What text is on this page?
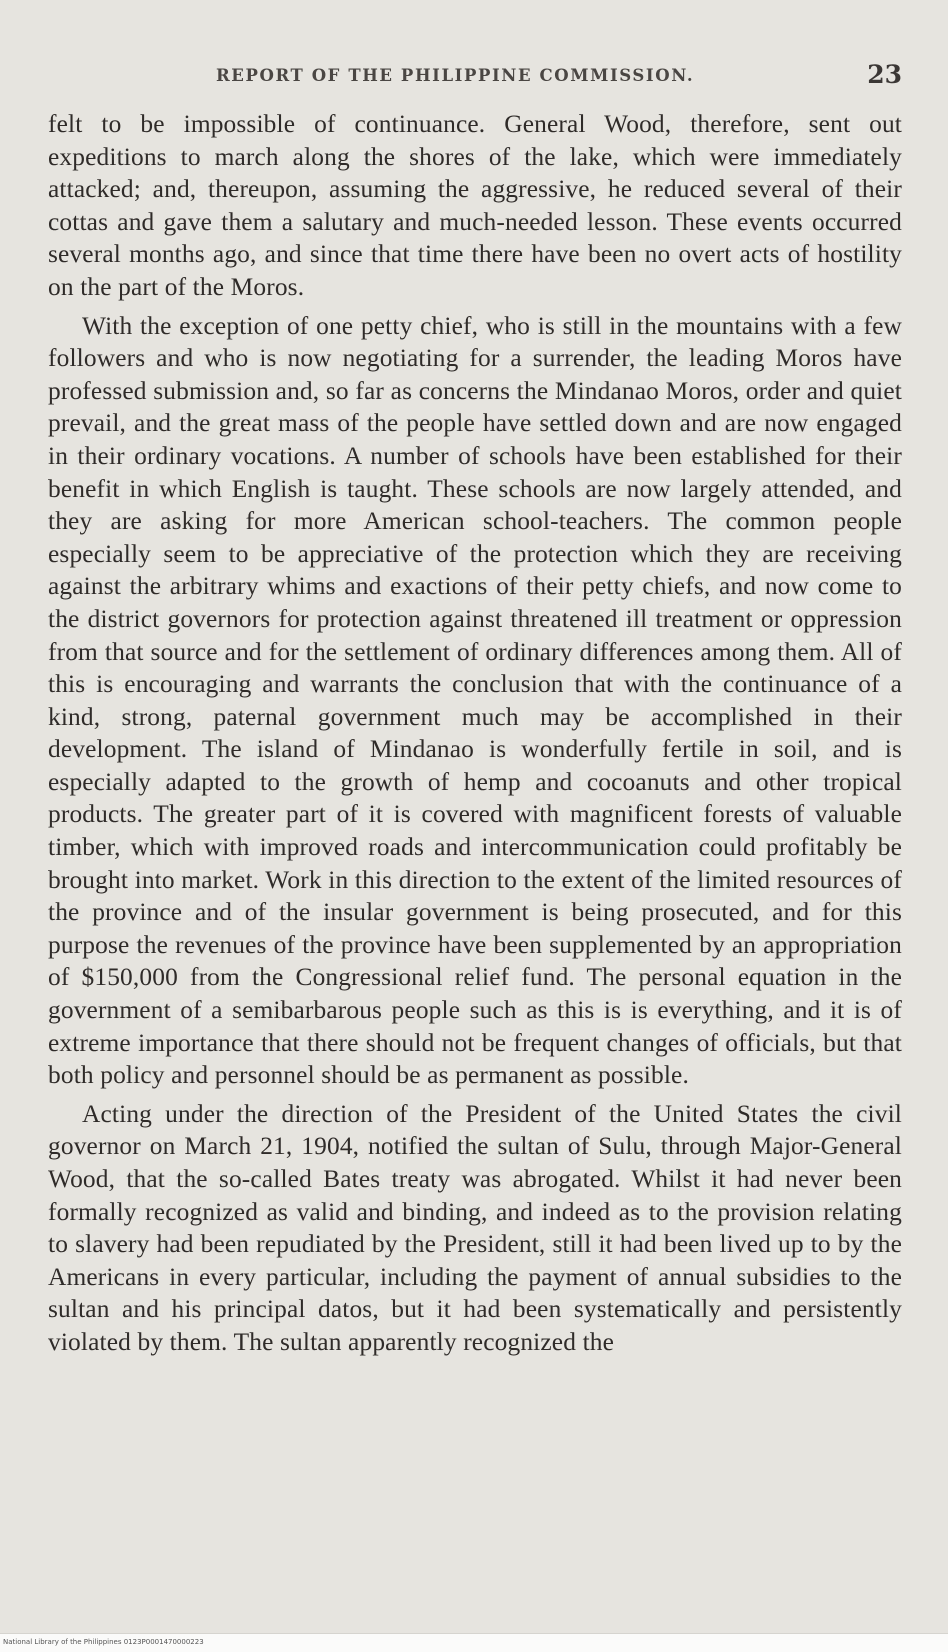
REPORT OF THE PHILIPPINE COMMISSION.	23

felt to be impossible of continuance. General Wood, therefore, sent out expeditions to march along the shores of the lake, which were immediately attacked; and, thereupon, assuming the aggressive, he reduced several of their cottas and gave them a salutary and much-needed lesson. These events occurred several months ago, and since that time there have been no overt acts of hostility on the part of the Moros.

With the exception of one petty chief, who is still in the mountains with a few followers and who is now negotiating for a surrender, the leading Moros have professed submission and, so far as concerns the Mindanao Moros, order and quiet prevail, and the great mass of the people have settled down and are now engaged in their ordinary vocations. A number of schools have been established for their benefit in which English is taught. These schools are now largely attended, and they are asking for more American school-teachers. The common people especially seem to be appreciative of the protection which they are receiving against the arbitrary whims and exactions of their petty chiefs, and now come to the district governors for protection against threatened ill treatment or oppression from that source and for the settlement of ordinary differences among them. All of this is encouraging and warrants the conclusion that with the continuance of a kind, strong, paternal government much may be accomplished in their development. The island of Mindanao is wonderfully fertile in soil, and is especially adapted to the growth of hemp and cocoanuts and other tropical products. The greater part of it is covered with magnificent forests of valuable timber, which with improved roads and intercommunication could profitably be brought into market. Work in this direction to the extent of the limited resources of the province and of the insular government is being prosecuted, and for this purpose the revenues of the province have been supplemented by an appropriation of $150,000 from the Congressional relief fund. The personal equation in the government of a semibarbarous people such as this is is everything, and it is of extreme importance that there should not be frequent changes of officials, but that both policy and personnel should be as permanent as possible.

Acting under the direction of the President of the United States the civil governor on March 21, 1904, notified the sultan of Sulu, through Major-General Wood, that the so-called Bates treaty was abrogated. Whilst it had never been formally recognized as valid and binding, and indeed as to the provision relating to slavery had been repudiated by the President, still it had been lived up to by the Americans in every particular, including the payment of annual subsidies to the sultan and his principal datos, but it had been systematically and persistently violated by them. The sultan apparently recognized the

National Library of the Philippines 0123P0001470000223
